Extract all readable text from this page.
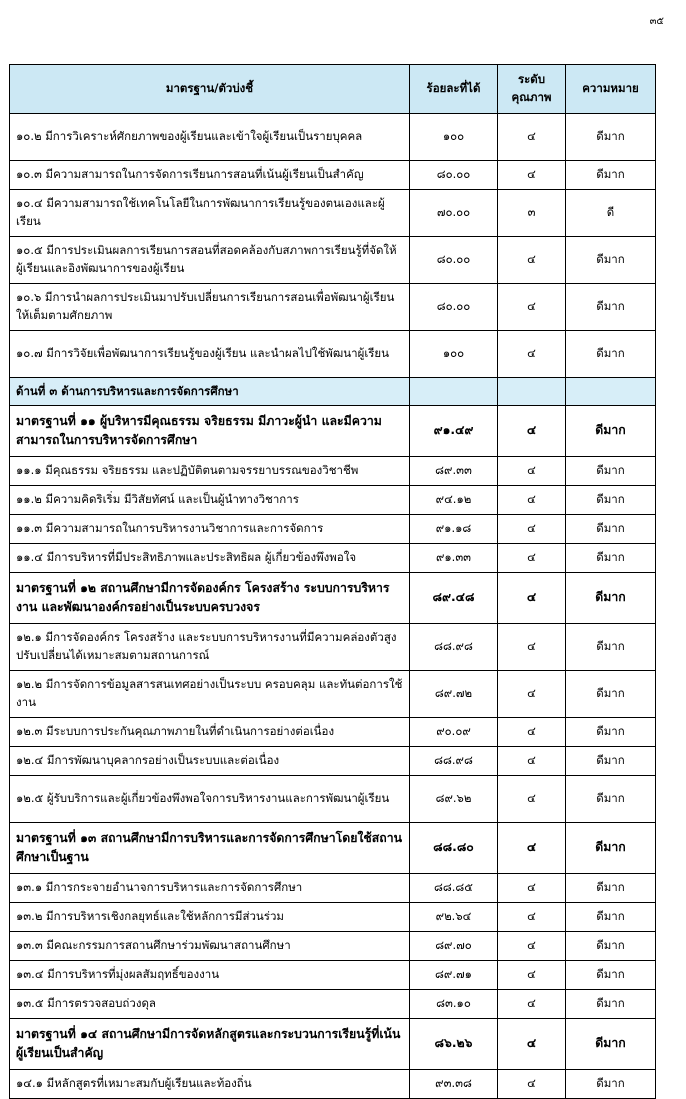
๓๕
มาตรฐาน/ตัวบ่งชี้	ร้อยละที่ได้	ระดับ คุณภาพ	ความหมาย
๑๐.๒ มีการวิเคราะห์ศักยภาพของผู้เรียนและเข้าใจผู้เรียนเป็นรายบุคคล	๑๐๐	๔	ดีมาก
๑๐.๓ มีความสามารถในการจัดการเรียนการสอนที่เน้นผู้เรียนเป็นสำคัญ	๘๐.๐๐	๔	ดีมาก
๑๐.๔ มีความสามารถใช้เทคโนโลยีในการพัฒนาการเรียนรู้ของตนเองและผู้เรียน	๗๐.๐๐	๓	ดี
๑๐.๕ มีการประเมินผลการเรียนการสอนที่สอดคล้องกับสภาพการเรียนรู้ที่จัดให้ผู้เรียนและอิงพัฒนาการของผู้เรียน	๘๐.๐๐	๔	ดีมาก
๑๐.๖ มีการนำผลการประเมินมาปรับเปลี่ยนการเรียนการสอนเพื่อพัฒนาผู้เรียนให้เต็มตามศักยภาพ	๘๐.๐๐	๔	ดีมาก
๑๐.๗ มีการวิจัยเพื่อพัฒนาการเรียนรู้ของผู้เรียน และนำผลไปใช้พัฒนาผู้เรียน	๑๐๐	๔	ดีมาก
ด้านที่ ๓ ด้านการบริหารและการจัดการศึกษา			
มาตรฐานที่ ๑๑ ผู้บริหารมีคุณธรรม จริยธรรม มีภาวะผู้นำ และมีความสามารถในการบริหารจัดการศึกษา	๙๑.๔๙	๔	ดีมาก
๑๑.๑ มีคุณธรรม จริยธรรม และปฏิบัติตนตามจรรยาบรรณของวิชาชีพ	๘๙.๓๓	๔	ดีมาก
๑๑.๒ มีความคิดริเริ่ม มีวิสัยทัศน์ และเป็นผู้นำทางวิชาการ	๙๔.๑๒	๔	ดีมาก
๑๑.๓ มีความสามารถในการบริหารงานวิชาการและการจัดการ	๙๑.๑๘	๔	ดีมาก
๑๑.๔ มีการบริหารที่มีประสิทธิภาพและประสิทธิผล ผู้เกี่ยวข้องพึงพอใจ	๙๑.๓๓	๔	ดีมาก
มาตรฐานที่ ๑๒ สถานศึกษามีการจัดองค์กร โครงสร้าง ระบบการบริหารงาน และพัฒนาองค์กรอย่างเป็นระบบครบวงจร	๘๙.๔๘	๔	ดีมาก
๑๒.๑ มีการจัดองค์กร โครงสร้าง และระบบการบริหารงานที่มีความคล่องตัวสูง ปรับเปลี่ยนได้เหมาะสมตามสถานการณ์	๘๘.๙๘	๔	ดีมาก
๑๒.๒ มีการจัดการข้อมูลสารสนเทศอย่างเป็นระบบ ครอบคลุม และทันต่อการใช้งาน	๘๙.๗๒	๔	ดีมาก
๑๒.๓ มีระบบการประกันคุณภาพภายในที่ดำเนินการอย่างต่อเนื่อง	๙๐.๐๙	๔	ดีมาก
๑๒.๔ มีการพัฒนาบุคลากรอย่างเป็นระบบและต่อเนื่อง	๘๘.๙๘	๔	ดีมาก
๑๒.๕ ผู้รับบริการและผู้เกี่ยวข้องพึงพอใจการบริหารงานและการพัฒนาผู้เรียน	๘๙.๖๒	๔	ดีมาก
มาตรฐานที่ ๑๓ สถานศึกษามีการบริหารและการจัดการศึกษาโดยใช้สถานศึกษาเป็นฐาน	๘๘.๘๐	๔	ดีมาก
๑๓.๑ มีการกระจายอำนาจการบริหารและการจัดการศึกษา	๘๘.๘๕	๔	ดีมาก
๑๓.๒ มีการบริหารเชิงกลยุทธ์และใช้หลักการมีส่วนร่วม	๙๒.๖๔	๔	ดีมาก
๑๓.๓ มีคณะกรรมการสถานศึกษาร่วมพัฒนาสถานศึกษา	๘๙.๗๐	๔	ดีมาก
๑๓.๔ มีการบริหารที่มุ่งผลสัมฤทธิ์ของงาน	๘๙.๗๑	๔	ดีมาก
๑๓.๕ มีการตรวจสอบถ่วงดุล	๘๓.๑๐	๔	ดีมาก
มาตรฐานที่ ๑๔ สถานศึกษามีการจัดหลักสูตรและกระบวนการเรียนรู้ที่เน้นผู้เรียนเป็นสำคัญ	๘๖.๒๖	๔	ดีมาก
๑๔.๑ มีหลักสูตรที่เหมาะสมกับผู้เรียนและท้องถิ่น	๙๓.๓๘	๔	ดีมาก
